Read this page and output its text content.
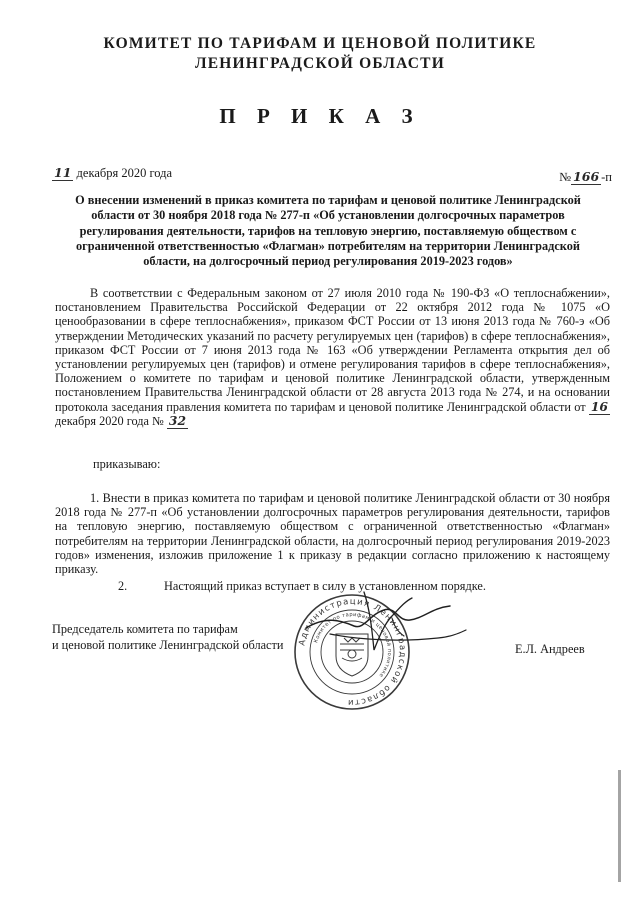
КОМИТЕТ ПО ТАРИФАМ И ЦЕНОВОЙ ПОЛИТИКЕ
ЛЕНИНГРАДСКОЙ ОБЛАСТИ
П Р И К А З
11 декабря 2020 года	№ 166 -п
О внесении изменений в приказ комитета по тарифам и ценовой политике Ленинградской области от 30 ноября 2018 года № 277-п «Об установлении долгосрочных параметров регулирования деятельности, тарифов на тепловую энергию, поставляемую обществом с ограниченной ответственностью «Флагман» потребителям на территории Ленинградской области, на долгосрочный период регулирования 2019-2023 годов»
В соответствии с Федеральным законом от 27 июля 2010 года № 190-ФЗ «О теплоснабжении», постановлением Правительства Российской Федерации от 22 октября 2012 года № 1075 «О ценообразовании в сфере теплоснабжения», приказом ФСТ России от 13 июня 2013 года № 760-э «Об утверждении Методических указаний по расчету регулируемых цен (тарифов) в сфере теплоснабжения», приказом ФСТ России от 7 июня 2013 года № 163 «Об утверждении Регламента открытия дел об установлении регулируемых цен (тарифов) и отмене регулирования тарифов в сфере теплоснабжения», Положением о комитете по тарифам и ценовой политике Ленинградской области, утвержденным постановлением Правительства Ленинградской области от 28 августа 2013 года № 274, и на основании протокола заседания правления комитета по тарифам и ценовой политике Ленинградской области от 16 декабря 2020 года № 32
приказываю:
1. Внести в приказ комитета по тарифам и ценовой политике Ленинградской области от 30 ноября 2018 года № 277-п «Об установлении долгосрочных параметров регулирования деятельности, тарифов на тепловую энергию, поставляемую обществом с ограниченной ответственностью «Флагман» потребителям на территории Ленинградской области, на долгосрочный период регулирования 2019-2023 годов» изменения, изложив приложение 1 к приказу в редакции согласно приложению к настоящему приказу.
2.	Настоящий приказ вступает в силу в установленном порядке.
Председатель комитета по тарифам
и ценовой политике Ленинградской области Администрация Ленинградской области
Комитет по тарифам и ценовой политике
Е.Л. Андреев
